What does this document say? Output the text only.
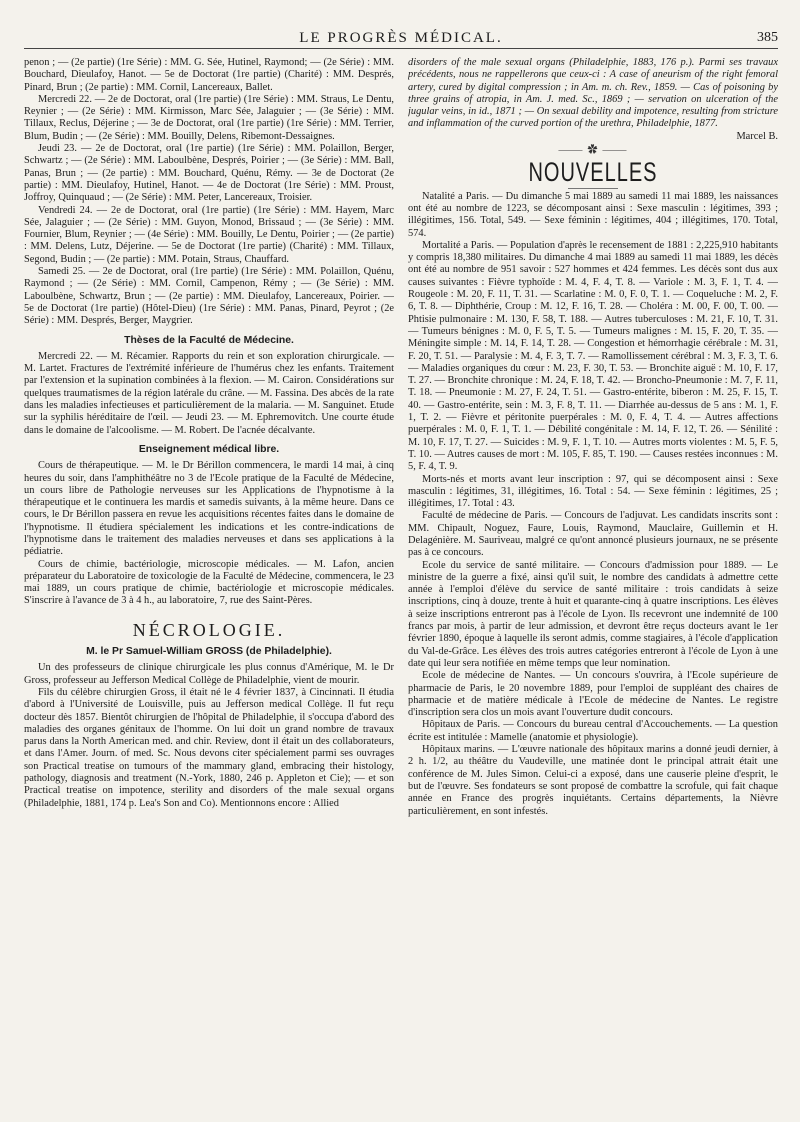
LE PROGRÈS MÉDICAL.	385

penon ; — (2e partie) (1re Série) : MM. G. Sée, Hutinel, Raymond; — (2e Série) : MM. Bouchard, Dieulafoy, Hanot. — 5e de Doctorat (1re partie) (Charité) : MM. Després, Pinard, Brun ; (2e partie) : MM. Cornil, Lancereaux, Ballet.

Mercredi 22. — 2e de Doctorat, oral (1re partie) (1re Série) : MM. Straus, Le Dentu, Reynier ; — (2e Série) : MM. Kirmisson, Marc Sée, Jalaguier ; — (3e Série) : MM. Tillaux, Reclus, Déjerine ; — 3e de Doctorat, oral (1re partie) (1re Série) : MM. Terrier, Blum, Budin ; — (2e Série) : MM. Bouilly, Delens, Ribemont-Dessaignes.

Jeudi 23. — 2e de Doctorat, oral (1re partie) (1re Série) : MM. Polaillon, Berger, Schwartz ; — (2e Série) : MM. Laboulbène, Després, Poirier ; — (3e Série) : MM. Ball, Panas, Brun ; — (2e partie) : MM. Bouchard, Quénu, Rémy. — 3e de Doctorat (2e partie) : MM. Dieulafoy, Hutinel, Hanot. — 4e de Doctorat (1re Série) : MM. Proust, Joffroy, Quinquaud ; — (2e Série) : MM. Peter, Lancereaux, Troisier.

Vendredi 24. — 2e de Doctorat, oral (1re partie) (1re Série) : MM. Hayem, Marc Sée, Jalaguier ; — (2e Série) : MM. Guyon, Monod, Brissaud ; — (3e Série) : MM. Fournier, Blum, Reynier ; — (4e Série) : MM. Bouilly, Le Dentu, Poirier ; — (2e partie) : MM. Delens, Lutz, Déjerine. — 5e de Doctorat (1re partie) (Charité) : MM. Tillaux, Segond, Budin ; — (2e partie) : MM. Potain, Straus, Chauffard.

Samedi 25. — 2e de Doctorat, oral (1re partie) (1re Série) : MM. Polaillon, Quénu, Raymond ; — (2e Série) : MM. Cornil, Campenon, Rémy ; — (3e Série) : MM. Laboulbène, Schwartz, Brun ; — (2e partie) : MM. Dieulafoy, Lancereaux, Poirier. — 5e de Doctorat (1re partie) (Hôtel-Dieu) (1re Série) : MM. Panas, Pinard, Peyrot ; (2e Série) : MM. Després, Berger, Maygrier.

Thèses de la Faculté de Médecine.

Mercredi 22. — M. Récamier. Rapports du rein et son exploration chirurgicale. — M. Lartet. Fractures de l'extrémité inférieure de l'humérus chez les enfants. Traitement par l'extension et la supination combinées à la flexion. — M. Cairon. Considérations sur quelques traumatismes de la région latérale du crâne. — M. Fassina. Des abcès de la rate dans les maladies infectieuses et particulièrement de la malaria. — M. Sanguinet. Etude sur la syphilis héréditaire de l'œil. — Jeudi 23. — M. Ephremovitch. Une courte étude dans le domaine de l'alcoolisme. — M. Robert. De l'acnée décalvante.

Enseignement médical libre.

Cours de thérapeutique. — M. le Dr Bérillon commencera, le mardi 14 mai, à cinq heures du soir, dans l'amphithéâtre no 3 de l'Ecole pratique de la Faculté de Médecine, un cours libre de Pathologie nerveuses sur les Applications de l'hypnotisme à la thérapeutique et le continuera les mardis et samedis suivants, à la même heure. Dans ce cours, le Dr Bérillon passera en revue les acquisitions récentes faites dans le domaine de l'hypnotisme. Il étudiera spécialement les indications et les contre-indications de l'hypnotisme dans le traitement des maladies nerveuses et dans ses applications à la pédiatrie.

Cours de chimie, bactériologie, microscopie médicales. — M. Lafon, ancien préparateur du Laboratoire de toxicologie de la Faculté de Médecine, commencera, le 23 mai 1889, un cours pratique de chimie, bactériologie et microscopie médicales. S'inscrire à l'avance de 3 à 4 h., au laboratoire, 7, rue des Saint-Pères.

NÉCROLOGIE.
M. le Pr Samuel-William GROSS (de Philadelphie).

Un des professeurs de clinique chirurgicale les plus connus d'Amérique, M. le Dr Gross, professeur au Jefferson Medical Collège de Philadelphie, vient de mourir.

Fils du célèbre chirurgien Gross, il était né le 4 février 1837, à Cincinnati. Il étudia d'abord à l'Université de Louisville, puis au Jefferson medical Collège. Il fut reçu docteur dès 1857. Bientôt chirurgien de l'hôpital de Philadelphie, il s'occupa d'abord des maladies des organes génitaux de l'homme. On lui doit un grand nombre de travaux parus dans la North American med. and chir. Review, dont il était un des collaborateurs, et dans l'Amer. Journ. of med. Sc. Nous devons citer spécialement parmi ses ouvrages son Practical treatise on tumours of the mammary gland, embracing their histology, pathology, diagnosis and treatment (N.-York, 1880, 246 p. Appleton et Cie); — et son Practical treatise on impotence, sterility and disorders of the male sexual organs (Philadelphie, 1881, 174 p. Lea's Son and Co). Mentionnons encore : Allied

disorders of the male sexual organs (Philadelphie, 1883, 176 p.). Parmi ses travaux précédents, nous ne rappellerons que ceux-ci : A case of aneurism of the right femoral artery, cured by digital compression ; in Am. m. ch. Rev., 1859. — Cas of poisoning by three grains of atropia, in Am. J. med. Sc., 1869 ; — servation on ulceration of the jugular veins, in id., 1871 ; — On sexual debility and impotence, resulting from stricture and inflammation of the curved portion of the urethra, Philadelphie, 1877.

Marcel B.
⸻ ✿ ⸻
NOUVELLES

Natalité a Paris. — Du dimanche 5 mai 1889 au samedi 11 mai 1889, les naissances ont été au nombre de 1223, se décomposant ainsi : Sexe masculin : légitimes, 393 ; illégitimes, 156. Total, 549. — Sexe féminin : légitimes, 404 ; illégitimes, 170. Total, 574.

Mortalité a Paris. — Population d'après le recensement de 1881 : 2,225,910 habitants y compris 18,380 militaires. Du dimanche 4 mai 1889 au samedi 11 mai 1889, les décès ont été au nombre de 951 savoir : 527 hommes et 424 femmes. Les décès sont dus aux causes suivantes : Fièvre typhoïde : M. 4, F. 4, T. 8. — Variole : M. 3, F. 1, T. 4. — Rougeole : M. 20, F. 11, T. 31. — Scarlatine : M. 0, F. 0, T. 1. — Coqueluche : M. 2, F. 6, T. 8. — Diphthérie, Croup : M. 12, F. 16, T. 28. — Choléra : M. 00, F. 00, T. 00. — Phtisie pulmonaire : M. 130, F. 58, T. 188. — Autres tuberculoses : M. 21, F. 10, T. 31. — Tumeurs bénignes : M. 0, F. 5, T. 5. — Tumeurs malignes : M. 15, F. 20, T. 35. — Méningite simple : M. 14, F. 14, T. 28. — Congestion et hémorrhagie cérébrale : M. 31, F. 20, T. 51. — Paralysie : M. 4, F. 3, T. 7. — Ramollissement cérébral : M. 3, F. 3, T. 6. — Maladies organiques du cœur : M. 23, F. 30, T. 53. — Bronchite aiguë : M. 10, F. 17, T. 27. — Bronchite chronique : M. 24, F. 18, T. 42. — Broncho-Pneumonie : M. 7, F. 11, T. 18. — Pneumonie : M. 27, F. 24, T. 51. — Gastro-entérite, biberon : M. 25, F. 15, T. 40. — Gastro-entérite, sein : M. 3, F. 8, T. 11. — Diarrhée au-dessus de 5 ans : M. 1, F. 1, T. 2. — Fièvre et péritonite puerpérales : M. 0, F. 4, T. 4. — Autres affections puerpérales : M. 0, F. 1, T. 1. — Débilité congénitale : M. 14, F. 12, T. 26. — Sénilité : M. 10, F. 17, T. 27. — Suicides : M. 9, F. 1, T. 10. — Autres morts violentes : M. 5, F. 5, T. 10. — Autres causes de mort : M. 105, F. 85, T. 190. — Causes restées inconnues : M. 5, F. 4, T. 9.

Morts-nés et morts avant leur inscription : 97, qui se décomposent ainsi : Sexe masculin : légitimes, 31, illégitimes, 16. Total : 54. — Sexe féminin : légitimes, 25 ; illégitimes, 17. Total : 43.

Faculté de médecine de Paris. — Concours de l'adjuvat. Les candidats inscrits sont : MM. Chipault, Noguez, Faure, Louis, Raymond, Mauclaire, Guillemin et H. Delagénière. M. Sauriveau, malgré ce qu'ont annoncé plusieurs journaux, ne se présente pas à ce concours.

Ecole du service de santé militaire. — Concours d'admission pour 1889. — Le ministre de la guerre a fixé, ainsi qu'il suit, le nombre des candidats à admettre cette année à l'emploi d'élève du service de santé militaire : trois candidats à seize inscriptions, cinq à douze, trente à huit et quarante-cinq à quatre inscriptions. Les élèves à seize inscriptions entreront pas à l'école de Lyon. Ils recevront une indemnité de 100 francs par mois, à partir de leur admission, et devront être reçus docteurs avant le 1er février 1890, époque à laquelle ils seront admis, comme stagiaires, à l'école d'application du Val-de-Grâce. Les élèves des trois autres catégories entreront à l'école de Lyon à une date qui leur sera notifiée en même temps que leur nomination.

Ecole de médecine de Nantes. — Un concours s'ouvrira, à l'Ecole supérieure de pharmacie de Paris, le 20 novembre 1889, pour l'emploi de suppléant des chaires de pharmacie et de matière médicale à l'Ecole de médecine de Nantes. Le registre d'inscription sera clos un mois avant l'ouverture dudit concours.

Hôpitaux de Paris. — Concours du bureau central d'Accouchements. — La question écrite est intitulée : Mamelle (anatomie et physiologie).

Hôpitaux marins. — L'œuvre nationale des hôpitaux marins a donné jeudi dernier, à 2 h. 1/2, au théâtre du Vaudeville, une matinée dont le principal attrait était une conférence de M. Jules Simon. Celui-ci a exposé, dans une causerie pleine d'esprit, le but de l'œuvre. Ses fondateurs se sont proposé de combattre la scrofule, qui fait chaque année en France des progrès inquiétants. Certains départements, la Nièvre particulièrement, en sont infestés.
